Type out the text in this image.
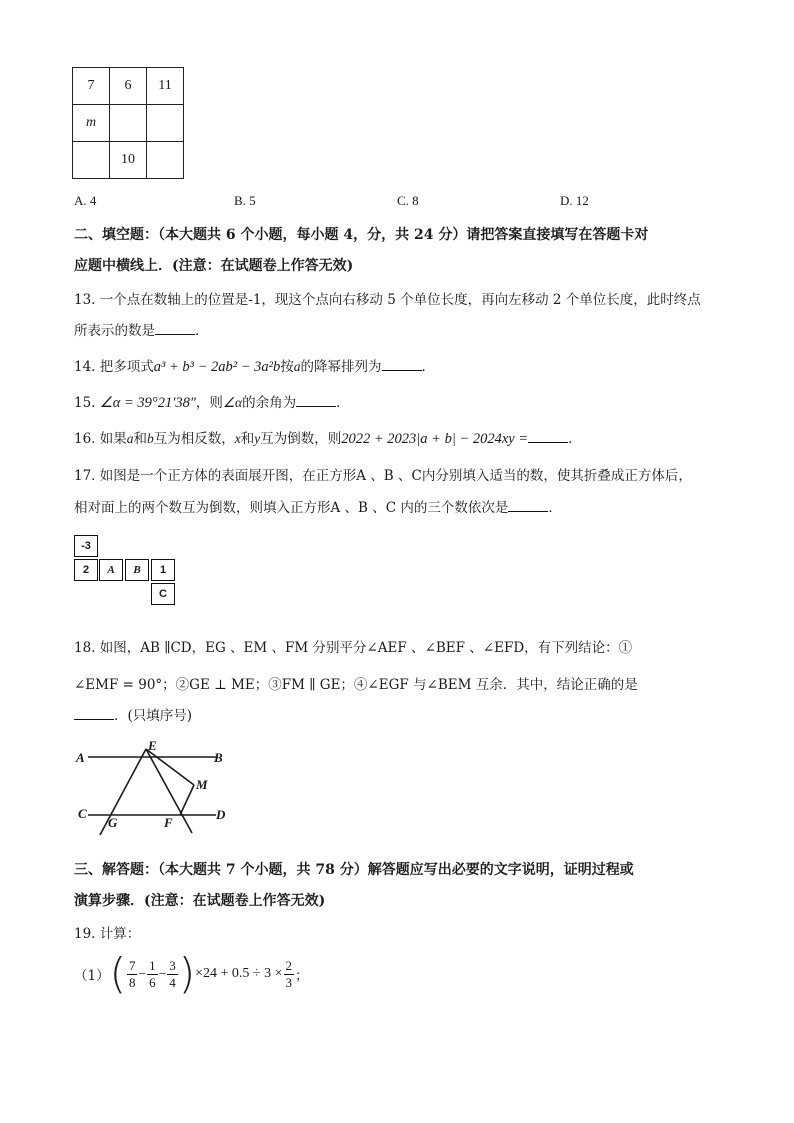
7	6	11
m		
	10	
A. 4	B. 5	C. 8	D. 12
二、填空题：（本大题共 6 个小题，每小题 4，分，共 24 分）请把答案直接填写在答题卡对
应题中横线上．(注意：在试题卷上作答无效)
13. 一个点在数轴上的位置是-1，现这个点向右移动 5 个单位长度，再向左移动 2 个单位长度，此时终点
所表示的数是	．
14. 把多项式a³ + b³ − 2ab² − 3a²b按a的降幂排列为	．
15. ∠α = 39°21′38″，则∠α的余角为	．
16. 如果a和b互为相反数，x和y互为倒数，则2022 + 2023|a + b| − 2024xy =	．
17. 如图是一个正方体的表面展开图，在正方形A 、B 、C内分别填入适当的数，使其折叠成正方体后，
相对面上的两个数互为倒数，则填入正方形A 、B 、C 内的三个数依次是	．
-3
2	A	B	1
C
18. 如图，AB ∥CD，EG 、EM 、FM 分别平分∠AEF 、∠BEF 、∠EFD，有下列结论：①
∠EMF = 90°；②GE ⊥ ME；③FM ∥ GE；④∠EGF 与∠BEM 互余．其中，结论正确的是
．(只填序号)
A	B
E
M
C	D
G	F
三、解答题：（本大题共 7 个小题，共 78 分）解答题应写出必要的文字说明，证明过程或
演算步骤．(注意：在试题卷上作答无效)
19. 计算：
（1） ( $\frac{7}{8} - \frac{1}{6} - \frac{3}{4}$ ) $\times 24 + 0.5 \div 3 \times \frac{2}{3}$ ；
